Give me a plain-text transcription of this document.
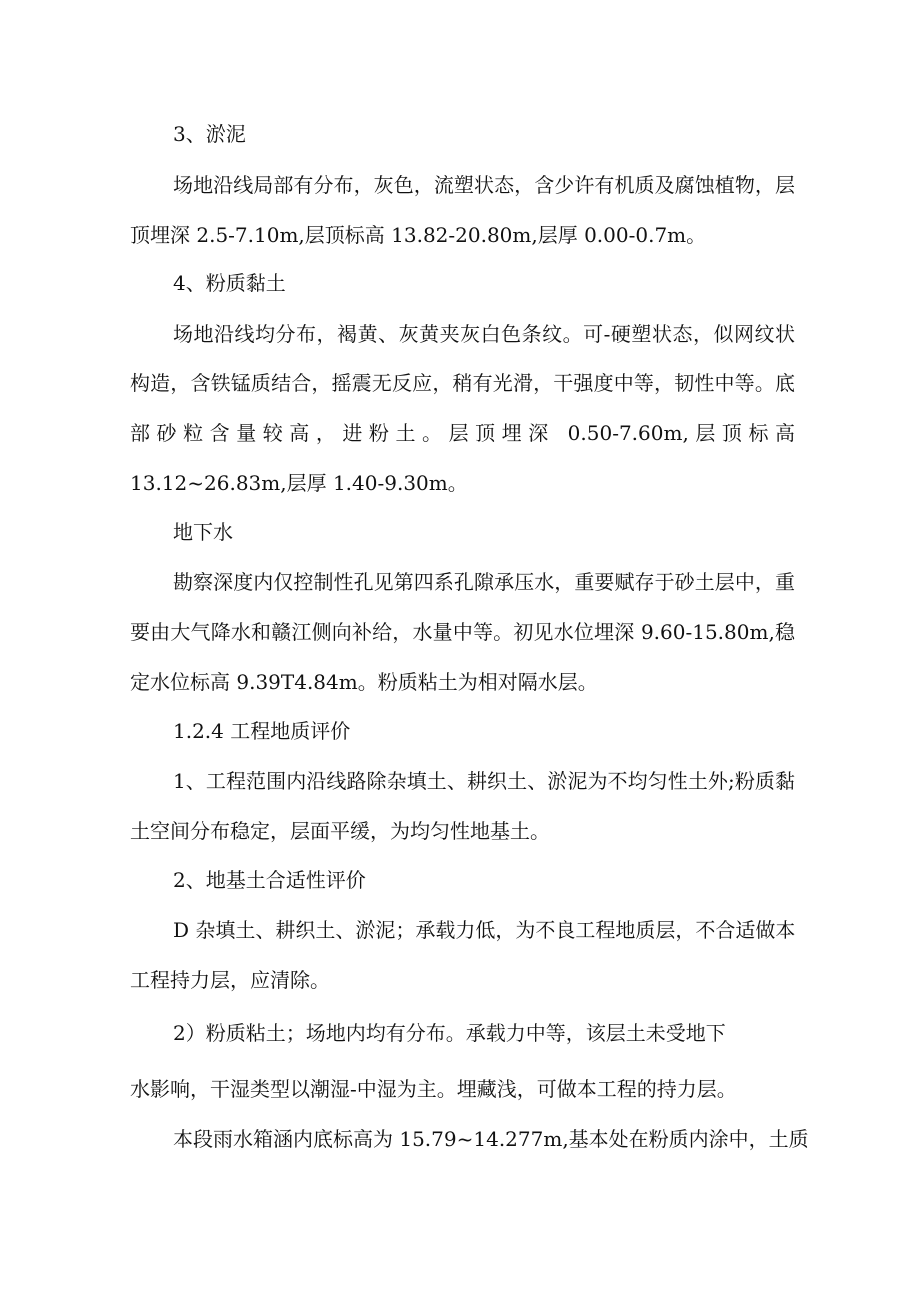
3、淤泥
场地沿线局部有分布，灰色，流塑状态，含少许有机质及腐蚀植物，层
顶埋深 2.5-7.10m,层顶标高 13.82-20.80m,层厚 0.00-0.7m。
4、粉质黏土
场地沿线均分布，褐黄、灰黄夹灰白色条纹。可-硬塑状态，似网纹状
构造，含铁锰质结合，摇震无反应，稍有光滑，干强度中等，韧性中等。底
部砂粒含量较高，进粉土。层顶埋深 0.50-7.60m,层顶标高
13.12~26.83m,层厚 1.40-9.30m。
地下水
勘察深度内仅控制性孔见第四系孔隙承压水，重要赋存于砂土层中，重
要由大气降水和赣江侧向补给，水量中等。初见水位埋深 9.60-15.80m,稳
定水位标高 9.39T4.84m。粉质粘土为相对隔水层。
1.2.4 工程地质评价
1、工程范围内沿线路除杂填土、耕织土、淤泥为不均匀性土外;粉质黏
土空间分布稳定，层面平缓，为均匀性地基土。
2、地基土合适性评价
D 杂填土、耕织土、淤泥；承载力低，为不良工程地质层，不合适做本
工程持力层，应清除。
2）粉质粘土；场地内均有分布。承载力中等，该层土未受地下
水影响，干湿类型以潮湿-中湿为主。埋藏浅，可做本工程的持力层。
本段雨水箱涵内底标高为 15.79~14.277m,基本处在粉质内涂中，土质
